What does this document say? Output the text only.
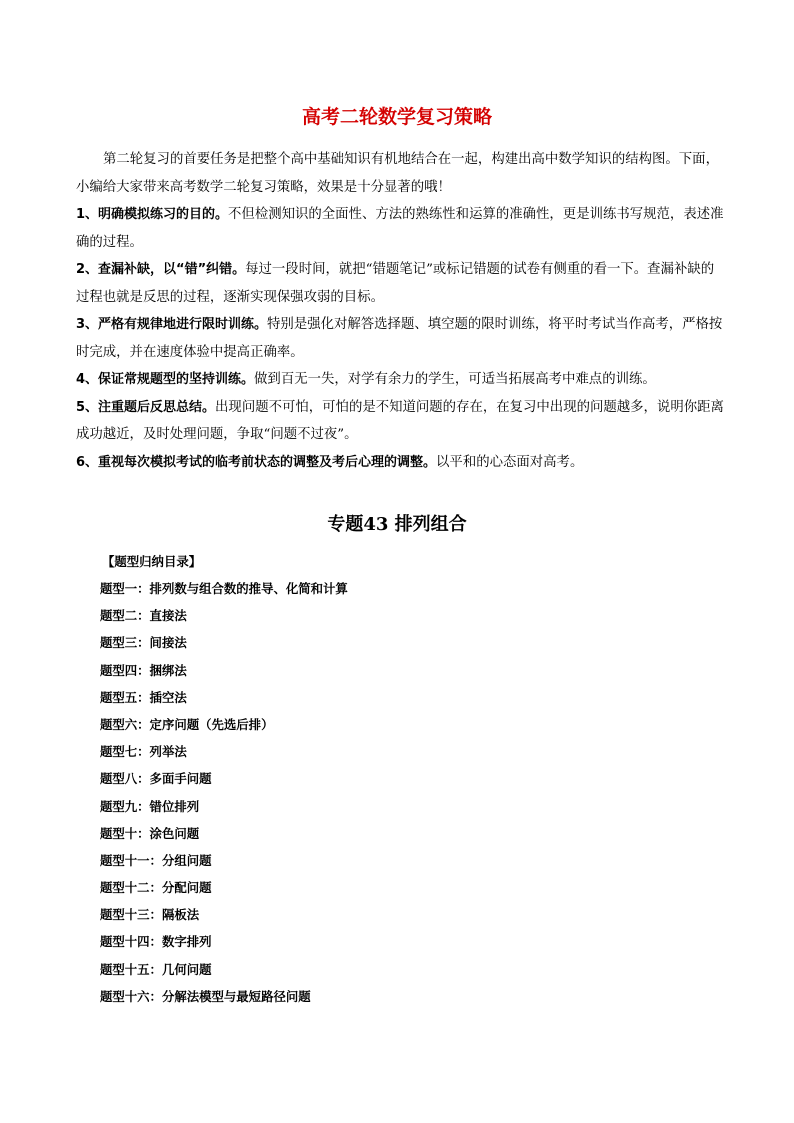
高考二轮数学复习策略

第二轮复习的首要任务是把整个高中基础知识有机地结合在一起，构建出高中数学知识的结构图。下面，小编给大家带来高考数学二轮复习策略，效果是十分显著的哦！

1、明确模拟练习的目的。不但检测知识的全面性、方法的熟练性和运算的准确性，更是训练书写规范，表述准确的过程。

2、查漏补缺，以“错”纠错。每过一段时间，就把“错题笔记”或标记错题的试卷有侧重的看一下。查漏补缺的过程也就是反思的过程，逐渐实现保强攻弱的目标。

3、严格有规律地进行限时训练。特别是强化对解答选择题、填空题的限时训练，将平时考试当作高考，严格按时完成，并在速度体验中提高正确率。

4、保证常规题型的坚持训练。做到百无一失，对学有余力的学生，可适当拓展高考中难点的训练。

5、注重题后反思总结。出现问题不可怕，可怕的是不知道问题的存在，在复习中出现的问题越多，说明你距离成功越近，及时处理问题，争取“问题不过夜”。

6、重视每次模拟考试的临考前状态的调整及考后心理的调整。以平和的心态面对高考。

专题43 排列组合
【题型归纳目录】
题型一：排列数与组合数的推导、化简和计算
题型二：直接法
题型三：间接法
题型四：捆绑法
题型五：插空法
题型六：定序问题（先选后排）
题型七：列举法
题型八：多面手问题
题型九：错位排列
题型十：涂色问题
题型十一：分组问题
题型十二：分配问题
题型十三：隔板法
题型十四：数字排列
题型十五：几何问题
题型十六：分解法模型与最短路径问题
